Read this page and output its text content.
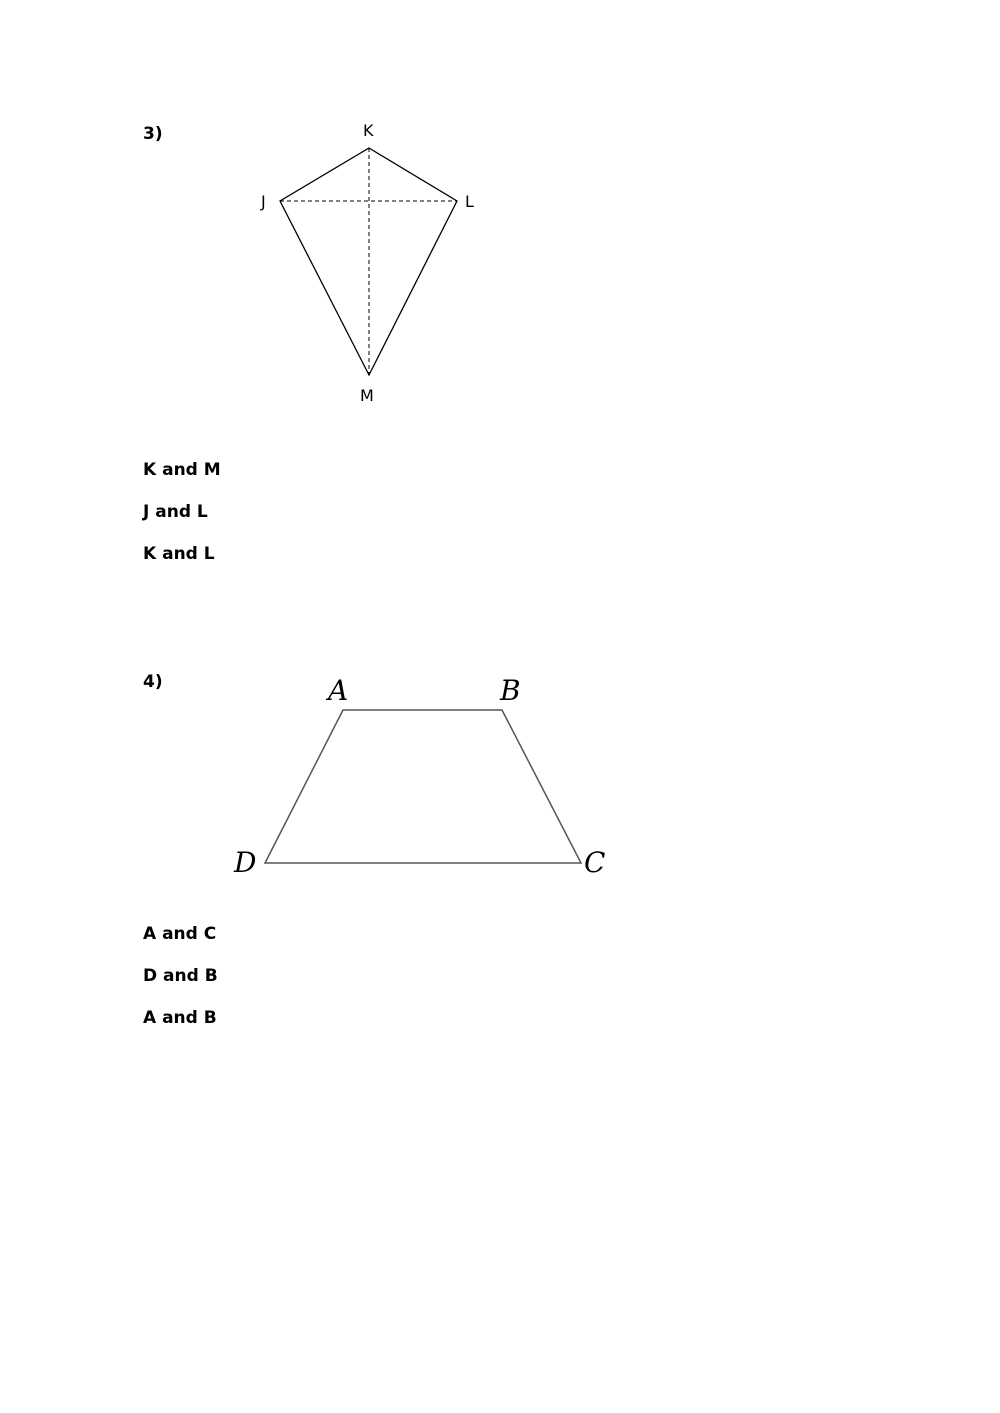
3)	K
J	L
M

K and M

J and L

K and L

4)	A	B
C
D

A and C

D and B

A and B
